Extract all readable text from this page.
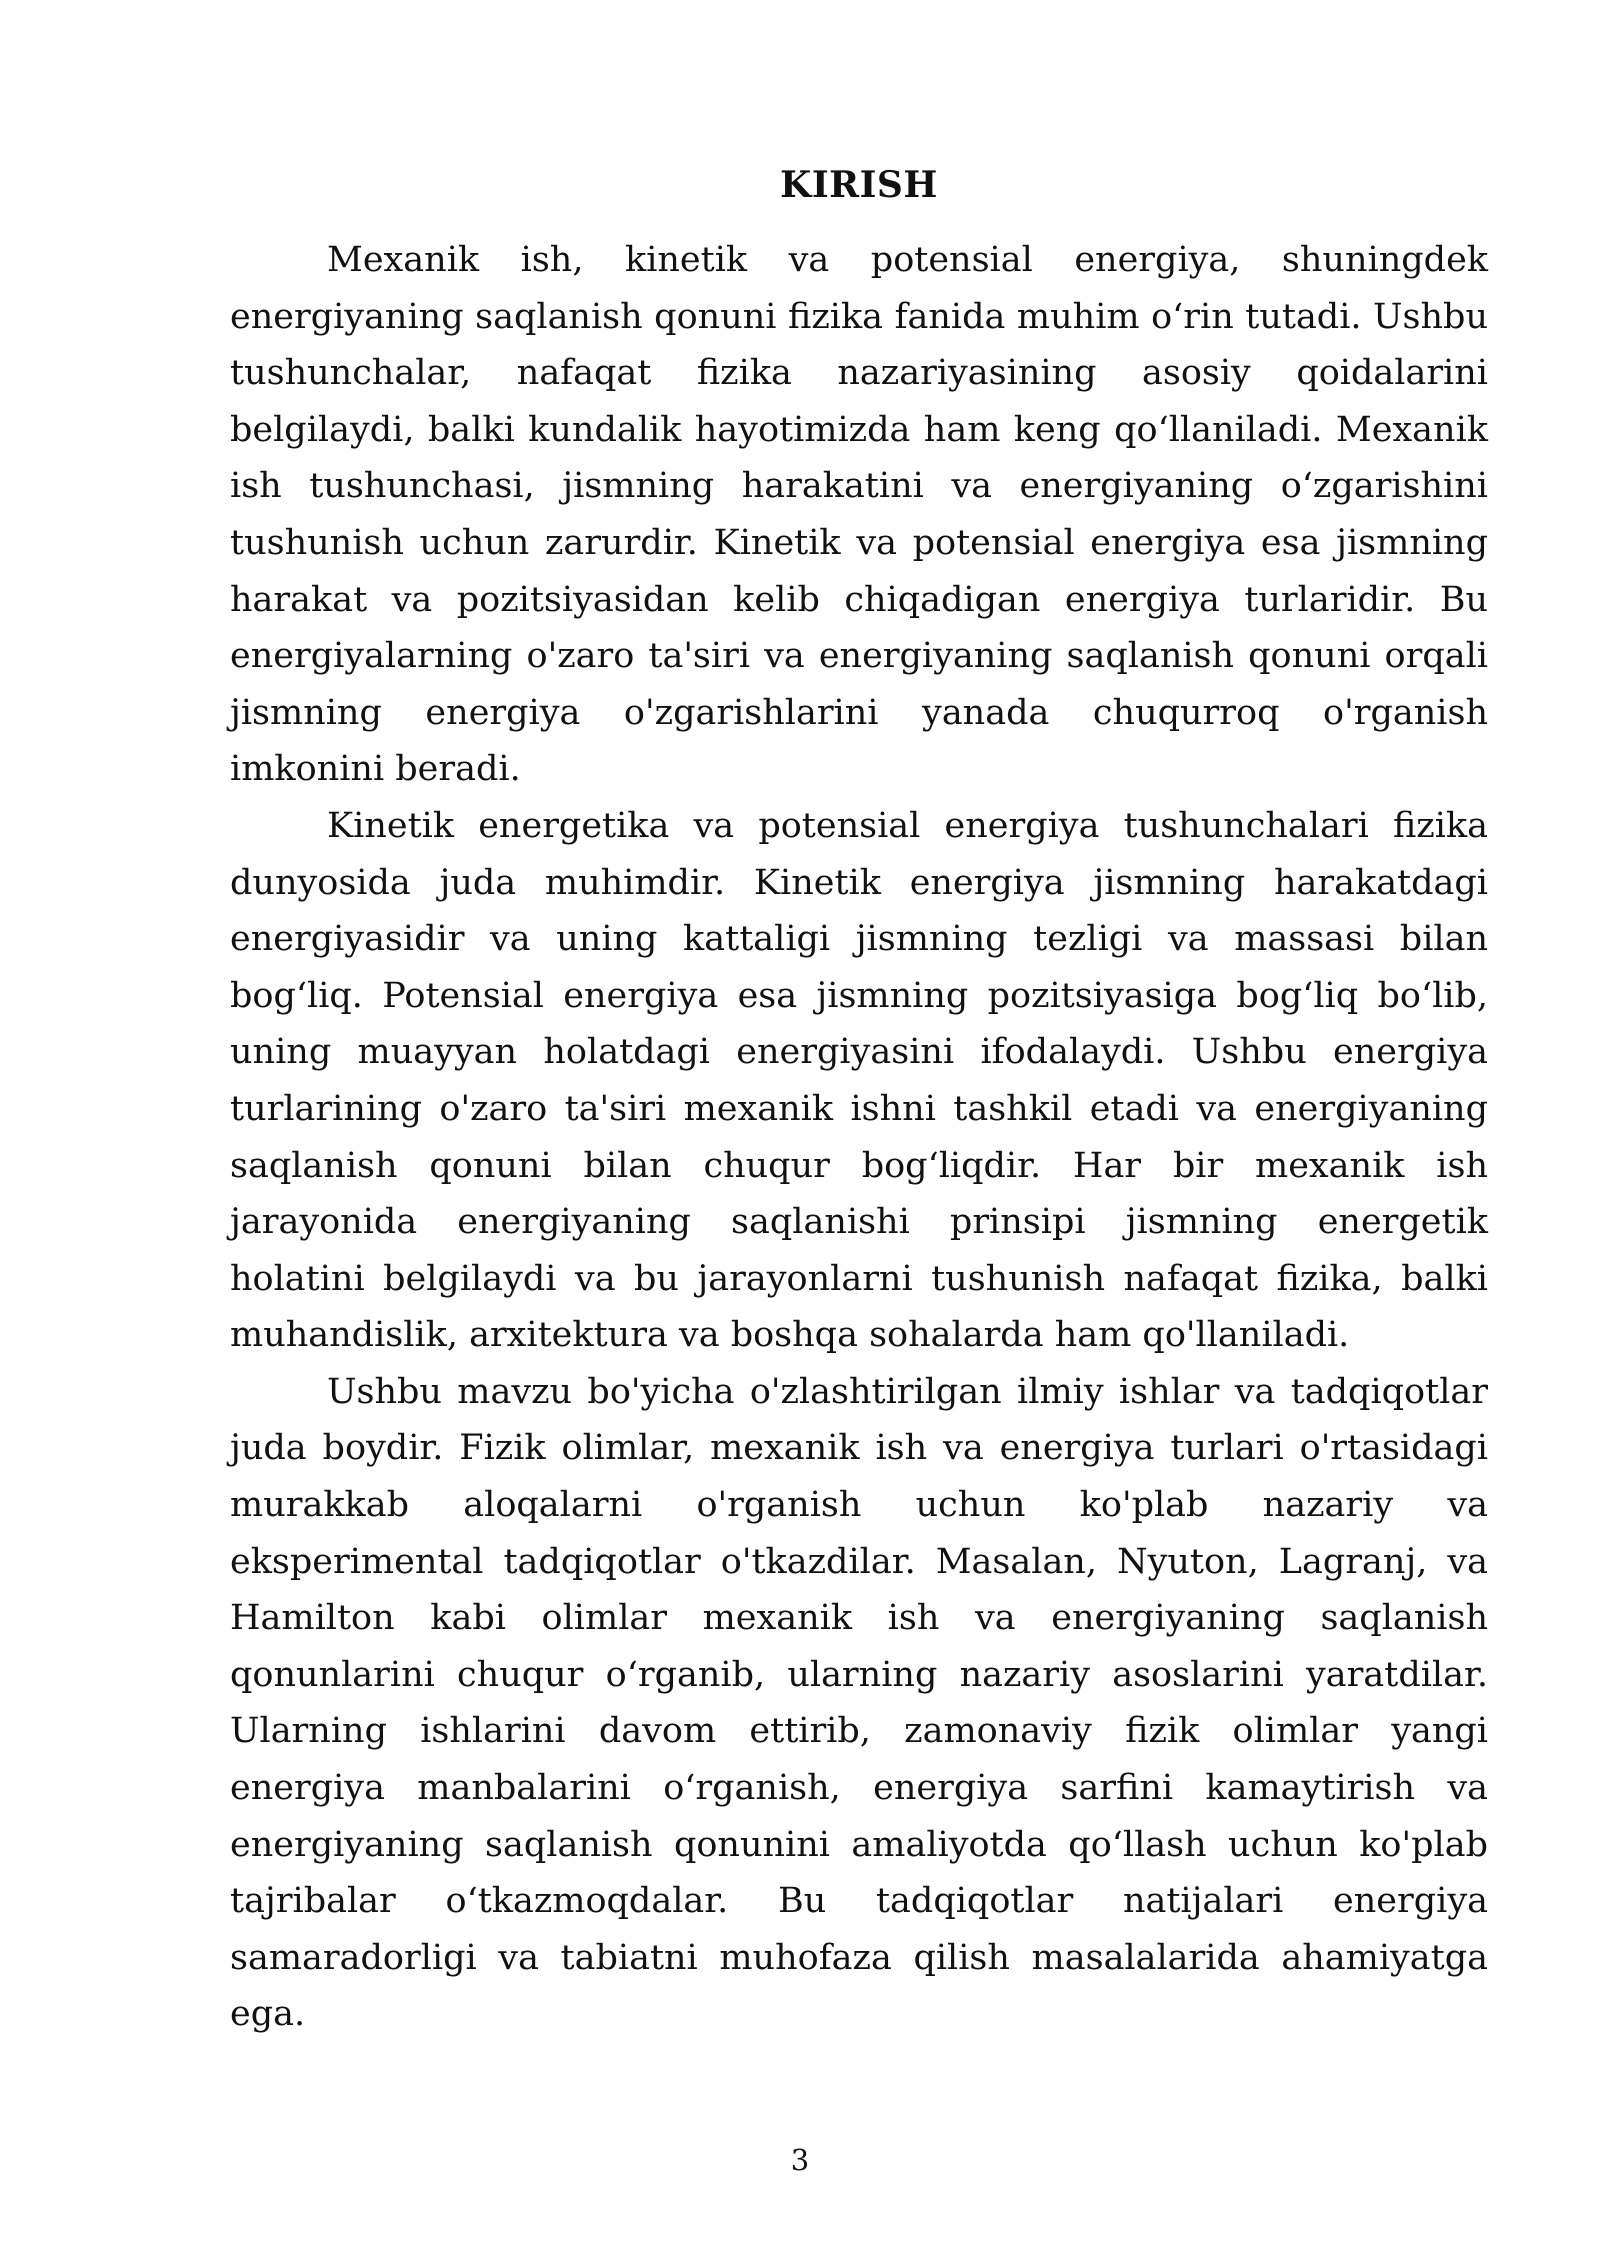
KIRISH

Mexanik ish, kinetik va potensial energiya, shuningdek energiyaning saqlanish qonuni fizika fanida muhim oʻrin tutadi. Ushbu tushunchalar, nafaqat fizika nazariyasining asosiy qoidalarini belgilaydi, balki kundalik hayotimizda ham keng qoʻllaniladi. Mexanik ish tushunchasi, jismning harakatini va energiyaning oʻzgarishini tushunish uchun zarurdir. Kinetik va potensial energiya esa jismning harakat va pozitsiyasidan kelib chiqadigan energiya turlaridir. Bu energiyalarning o'zaro ta'siri va energiyaning saqlanish qonuni orqali jismning energiya o'zgarishlarini yanada chuqurroq o'rganish imkonini beradi.

Kinetik energetika va potensial energiya tushunchalari fizika dunyosida juda muhimdir. Kinetik energiya jismning harakatdagi energiyasidir va uning kattaligi jismning tezligi va massasi bilan bogʻliq. Potensial energiya esa jismning pozitsiyasiga bogʻliq boʻlib, uning muayyan holatdagi energiyasini ifodalaydi. Ushbu energiya turlarining o'zaro ta'siri mexanik ishni tashkil etadi va energiyaning saqlanish qonuni bilan chuqur bogʻliqdir. Har bir mexanik ish jarayonida energiyaning saqlanishi prinsipi jismning energetik holatini belgilaydi va bu jarayonlarni tushunish nafaqat fizika, balki muhandislik, arxitektura va boshqa sohalarda ham qo'llaniladi.

Ushbu mavzu bo'yicha o'zlashtirilgan ilmiy ishlar va tadqiqotlar juda boydir. Fizik olimlar, mexanik ish va energiya turlari o'rtasidagi murakkab aloqalarni o'rganish uchun ko'plab nazariy va eksperimental tadqiqotlar o'tkazdilar. Masalan, Nyuton, Lagranj, va Hamilton kabi olimlar mexanik ish va energiyaning saqlanish qonunlarini chuqur oʻrganib, ularning nazariy asoslarini yaratdilar. Ularning ishlarini davom ettirib, zamonaviy fizik olimlar yangi energiya manbalarini oʻrganish, energiya sarfini kamaytirish va energiyaning saqlanish qonunini amaliyotda qoʻllash uchun ko'plab tajribalar oʻtkazmoqdalar. Bu tadqiqotlar natijalari energiya samaradorligi va tabiatni muhofaza qilish masalalarida ahamiyatga ega.

3
